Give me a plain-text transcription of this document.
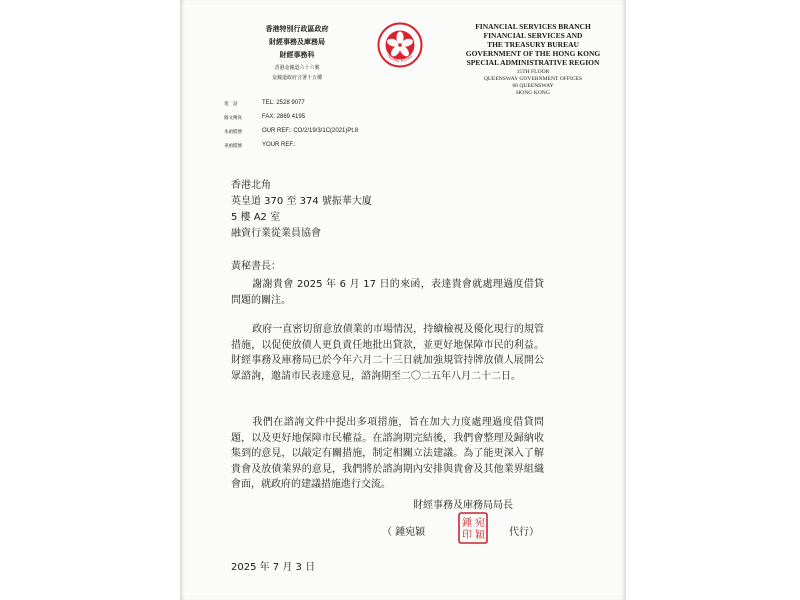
香港特別行政區政府
財經事務及庫務局
財經事務科
香港金鐘道六十六號
金鐘道政府合署十五樓
HONG KONG
FINANCIAL SERVICES BRANCH
FINANCIAL SERVICES AND
THE TREASURY BUREAU
GOVERNMENT OF THE HONG KONG
SPECIAL ADMINISTRATIVE REGION
15TH FLOOR
QUEENSWAY GOVERNMENT OFFICES
66 QUEENSWAY
HONG KONG
電　話	TEL: 2528 9077
圖文傳真	FAX: 2869 4195
本函檔號	OUR REF.: CO/2/19/3/1C(2021)Pt.8
來函檔號	YOUR REF.:
香港北角
英皇道 370 至 374 號振華大廈
5 樓 A2 室
融資行業從業員協會
黃秘書長：
謝謝貴會 2025 年 6 月 17 日的來函，表達貴會就處理過度借貸問題的關注。
政府一直密切留意放債業的市場情況，持續檢視及優化現行的規管措施，以促使放債人更負責任地批出貸款，並更好地保障市民的利益。財經事務及庫務局已於今年六月二十三日就加強規管持牌放債人展開公眾諮詢，邀請市民表達意見，諮詢期至二〇二五年八月二十二日。
我們在諮詢文件中提出多項措施，旨在加大力度處理過度借貸問題，以及更好地保障市民權益。在諮詢期完結後，我們會整理及歸納收集到的意見，以敲定有關措施，制定相關立法建議。為了能更深入了解貴會及放債業界的意見，我們將於諮詢期內安排與貴會及其他業界組織會面，就政府的建議措施進行交流。
財經事務及庫務局局長
（ 鍾宛穎
宛
穎
鍾
印	代行）
2025 年 7 月 3 日
